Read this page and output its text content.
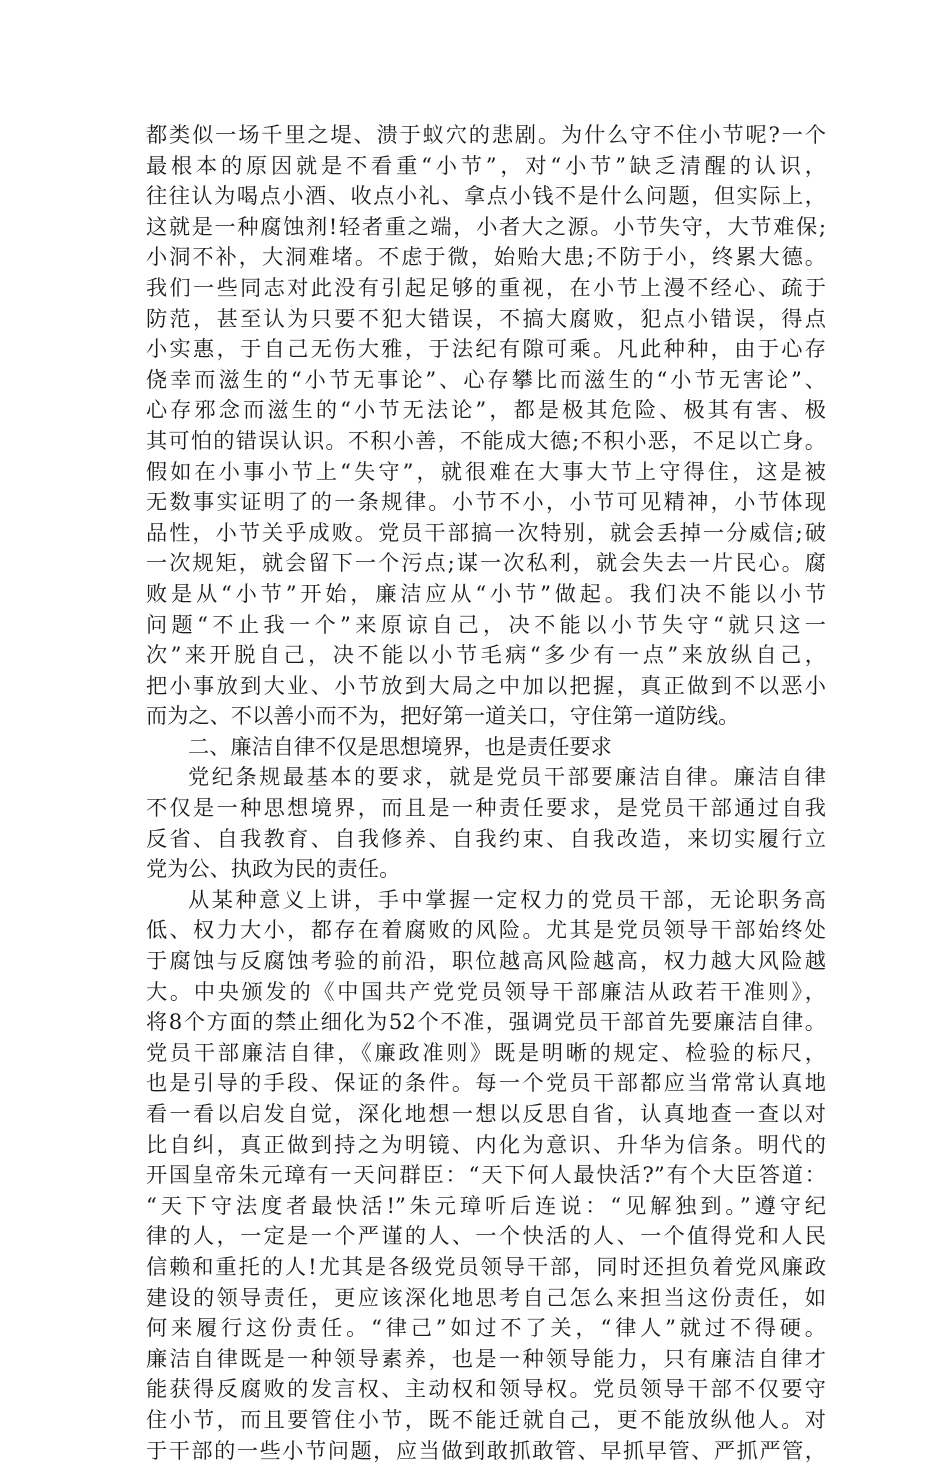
都类似一场千里之堤、溃于蚁穴的悲剧。为什么守不住小节呢?一个
最根本的原因就是不看重“小节”，对“小节”缺乏清醒的认识，
往往认为喝点小酒、收点小礼、拿点小钱不是什么问题，但实际上，
这就是一种腐蚀剂!轻者重之端，小者大之源。小节失守，大节难保;
小洞不补，大洞难堵。不虑于微，始贻大患;不防于小，终累大德。
我们一些同志对此没有引起足够的重视，在小节上漫不经心、疏于
防范，甚至认为只要不犯大错误，不搞大腐败，犯点小错误，得点
小实惠，于自己无伤大雅，于法纪有隙可乘。凡此种种，由于心存
侥幸而滋生的“小节无事论”、心存攀比而滋生的“小节无害论”、
心存邪念而滋生的“小节无法论”，都是极其危险、极其有害、极
其可怕的错误认识。不积小善，不能成大德;不积小恶，不足以亡身。
假如在小事小节上“失守”，就很难在大事大节上守得住，这是被
无数事实证明了的一条规律。小节不小，小节可见精神，小节体现
品性，小节关乎成败。党员干部搞一次特别，就会丢掉一分威信;破
一次规矩，就会留下一个污点;谋一次私利，就会失去一片民心。腐
败是从“小节”开始，廉洁应从“小节”做起。我们决不能以小节
问题“不止我一个”来原谅自己，决不能以小节失守“就只这一
次”来开脱自己，决不能以小节毛病“多少有一点”来放纵自己，
把小事放到大业、小节放到大局之中加以把握，真正做到不以恶小
而为之、不以善小而不为，把好第一道关口，守住第一道防线。
二、廉洁自律不仅是思想境界，也是责任要求
党纪条规最基本的要求，就是党员干部要廉洁自律。廉洁自律
不仅是一种思想境界，而且是一种责任要求，是党员干部通过自我
反省、自我教育、自我修养、自我约束、自我改造，来切实履行立
党为公、执政为民的责任。
从某种意义上讲，手中掌握一定权力的党员干部，无论职务高
低、权力大小，都存在着腐败的风险。尤其是党员领导干部始终处
于腐蚀与反腐蚀考验的前沿，职位越高风险越高，权力越大风险越
大。中央颁发的《中国共产党党员领导干部廉洁从政若干准则》，
将8个方面的禁止细化为52个不准，强调党员干部首先要廉洁自律。
党员干部廉洁自律，《廉政准则》既是明晰的规定、检验的标尺，
也是引导的手段、保证的条件。每一个党员干部都应当常常认真地
看一看以启发自觉，深化地想一想以反思自省，认真地查一查以对
比自纠，真正做到持之为明镜、内化为意识、升华为信条。明代的
开国皇帝朱元璋有一天问群臣：“天下何人最快活?”有个大臣答道：
“天下守法度者最快活!”朱元璋听后连说：“见解独到。”遵守纪
律的人，一定是一个严谨的人、一个快活的人、一个值得党和人民
信赖和重托的人!尤其是各级党员领导干部，同时还担负着党风廉政
建设的领导责任，更应该深化地思考自己怎么来担当这份责任，如
何来履行这份责任。“律己”如过不了关，“律人”就过不得硬。
廉洁自律既是一种领导素养，也是一种领导能力，只有廉洁自律才
能获得反腐败的发言权、主动权和领导权。党员领导干部不仅要守
住小节，而且要管住小节，既不能迁就自己，更不能放纵他人。对
于干部的一些小节问题，应当做到敢抓敢管、早抓早管、严抓严管，
